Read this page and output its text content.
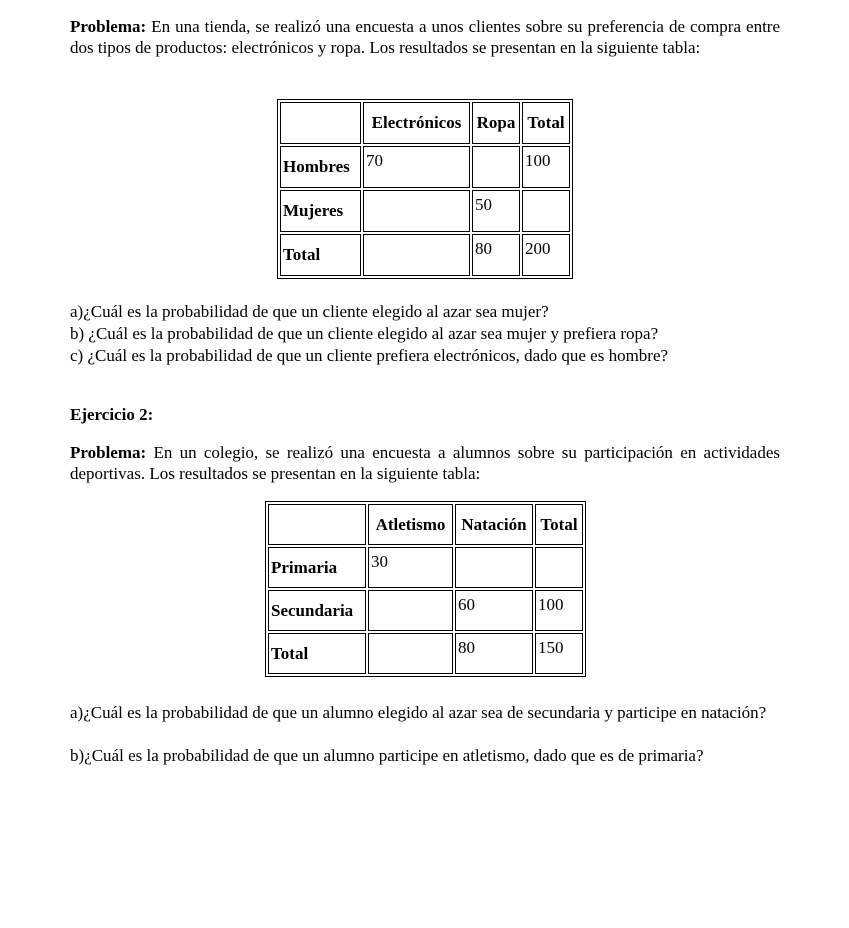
Problema: En una tienda, se realizó una encuesta a unos clientes sobre su preferencia de compra entre dos tipos de productos: electrónicos y ropa. Los resultados se presentan en la siguiente tabla:
	Electrónicos	Ropa	Total
Hombres	70		100
Mujeres		50	
Total		80	200
a)¿Cuál es la probabilidad de que un cliente elegido al azar sea mujer?
b) ¿Cuál es la probabilidad de que un cliente elegido al azar sea mujer y prefiera ropa?
c) ¿Cuál es la probabilidad de que un cliente prefiera electrónicos, dado que es hombre?
Ejercicio 2:
Problema: En un colegio, se realizó una encuesta a alumnos sobre su participación en actividades deportivas. Los resultados se presentan en la siguiente tabla:
	Atletismo	Natación	Total
Primaria	30		
Secundaria		60	100
Total		80	150
a)¿Cuál es la probabilidad de que un alumno elegido al azar sea de secundaria y participe en natación?
b)¿Cuál es la probabilidad de que un alumno participe en atletismo, dado que es de primaria?
